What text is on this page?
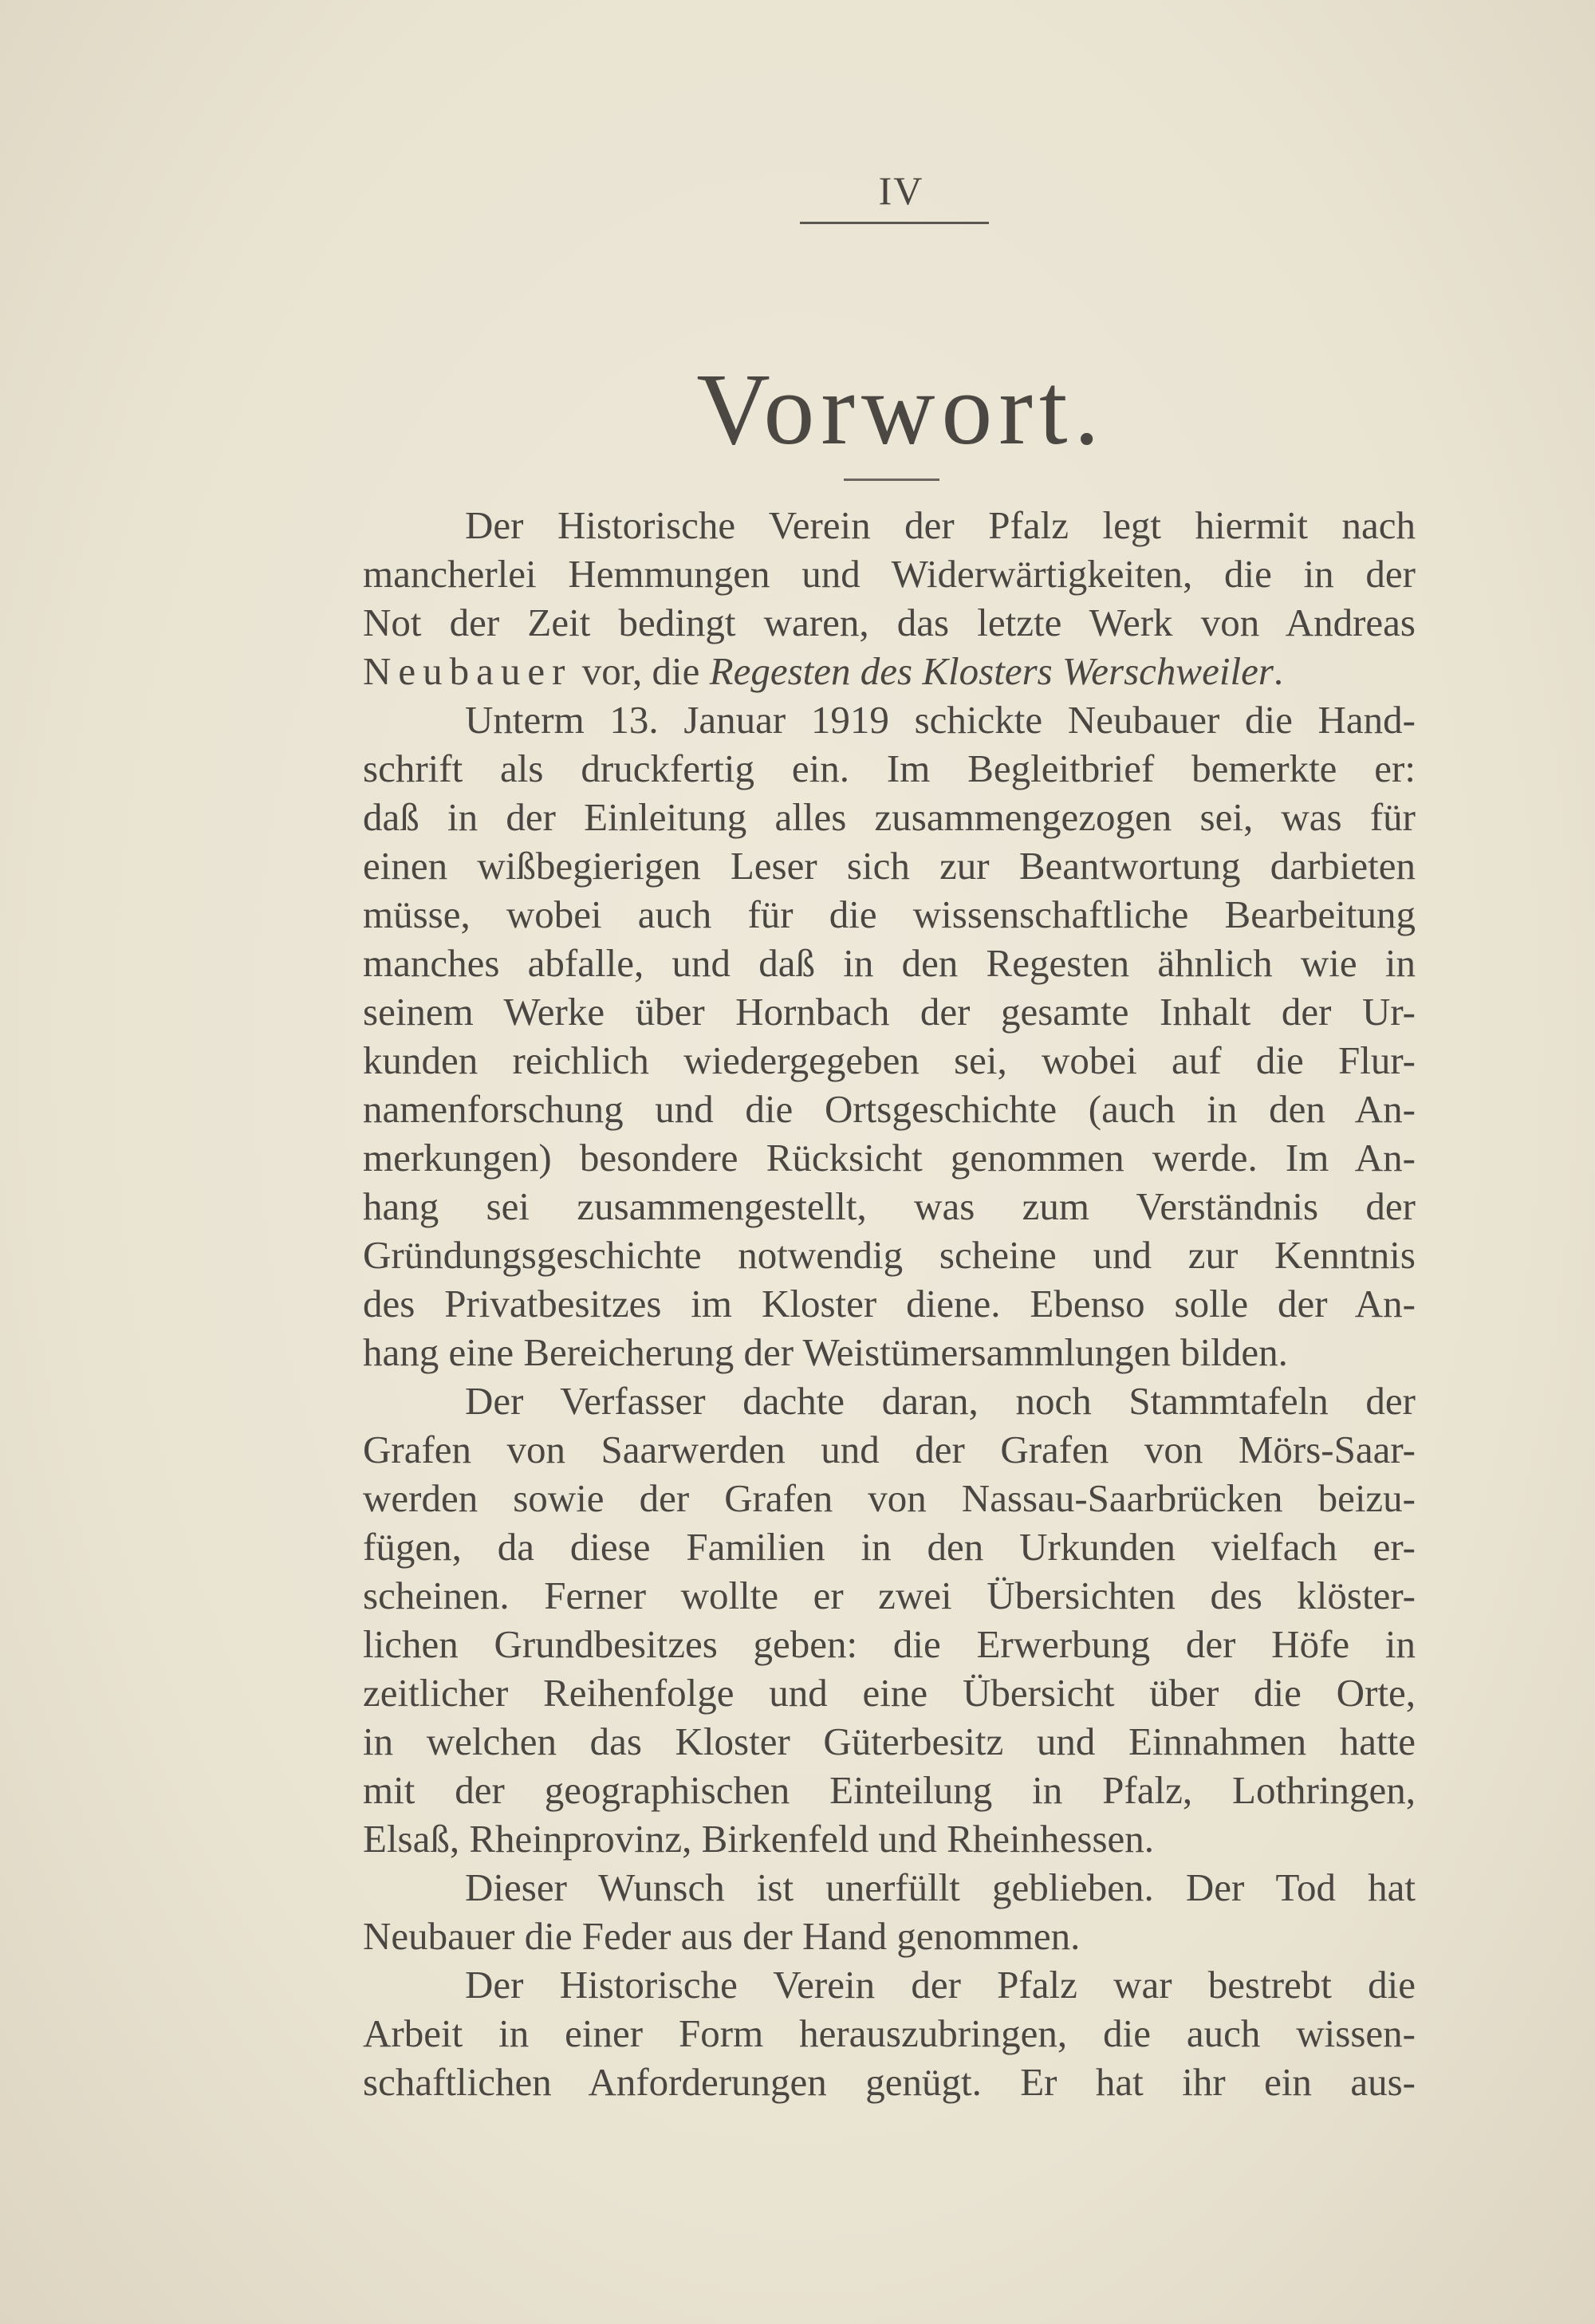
IV
Vorwort.
Der Historische Verein der Pfalz legt hiermit nach
mancherlei Hemmungen und Widerwärtigkeiten, die in der
Not der Zeit bedingt waren, das letzte Werk von Andreas
Neubauer vor, die Regesten des Klosters Werschweiler.
Unterm 13. Januar 1919 schickte Neubauer die Hand-
schrift als druckfertig ein. Im Begleitbrief bemerkte er:
daß in der Einleitung alles zusammengezogen sei, was für
einen wißbegierigen Leser sich zur Beantwortung darbieten
müsse, wobei auch für die wissenschaftliche Bearbeitung
manches abfalle, und daß in den Regesten ähnlich wie in
seinem Werke über Hornbach der gesamte Inhalt der Ur-
kunden reichlich wiedergegeben sei, wobei auf die Flur-
namenforschung und die Ortsgeschichte (auch in den An-
merkungen) besondere Rücksicht genommen werde. Im An-
hang sei zusammengestellt, was zum Verständnis der
Gründungsgeschichte notwendig scheine und zur Kenntnis
des Privatbesitzes im Kloster diene. Ebenso solle der An-
hang eine Bereicherung der Weistümersammlungen bilden.
Der Verfasser dachte daran, noch Stammtafeln der
Grafen von Saarwerden und der Grafen von Mörs-Saar-
werden sowie der Grafen von Nassau-Saarbrücken beizu-
fügen, da diese Familien in den Urkunden vielfach er-
scheinen. Ferner wollte er zwei Übersichten des klöster-
lichen Grundbesitzes geben: die Erwerbung der Höfe in
zeitlicher Reihenfolge und eine Übersicht über die Orte,
in welchen das Kloster Güterbesitz und Einnahmen hatte
mit der geographischen Einteilung in Pfalz, Lothringen,
Elsaß, Rheinprovinz, Birkenfeld und Rheinhessen.
Dieser Wunsch ist unerfüllt geblieben. Der Tod hat
Neubauer die Feder aus der Hand genommen.
Der Historische Verein der Pfalz war bestrebt die
Arbeit in einer Form herauszubringen, die auch wissen-
schaftlichen Anforderungen genügt. Er hat ihr ein aus-
